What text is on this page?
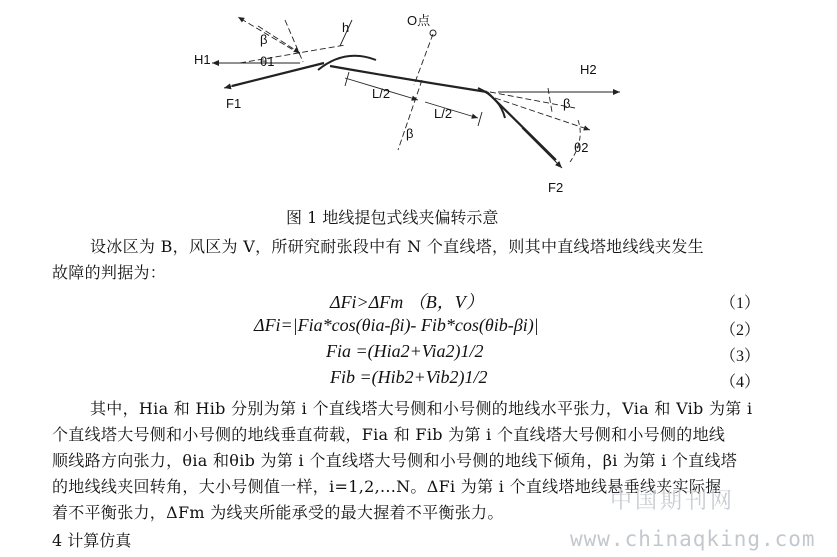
H1
F1
β
θ1
h	O点
H2
F2
β
θ2
β
L/2
L/2
图 1 地线提包式线夹偏转示意
设冰区为 B，风区为 V，所研究耐张段中有 N 个直线塔，则其中直线塔地线线夹发生
故障的判据为：
ΔFi>ΔFm （B，V）	（1）
ΔFi=|Fia*cos(θia-βi)- Fib*cos(θib-βi)|	（2）
Fia =(Hia2+Via2)1/2	（3）
Fib =(Hib2+Vib2)1/2	（4）
其中，Hia 和 Hib 分别为第 i 个直线塔大号侧和小号侧的地线水平张力，Via 和 Vib 为第 i
个直线塔大号侧和小号侧的地线垂直荷载，Fia 和 Fib 为第 i 个直线塔大号侧和小号侧的地线
顺线路方向张力，θia 和θib 为第 i 个直线塔大号侧和小号侧的地线下倾角，βi 为第 i 个直线塔
的地线线夹回转角，大小号侧值一样，i=1,2,...N。ΔFi 为第 i 个直线塔地线悬垂线夹实际握
着不平衡张力，ΔFm 为线夹所能承受的最大握着不平衡张力。
4 计算仿真
中国期刊网
www.chinaqking.com
